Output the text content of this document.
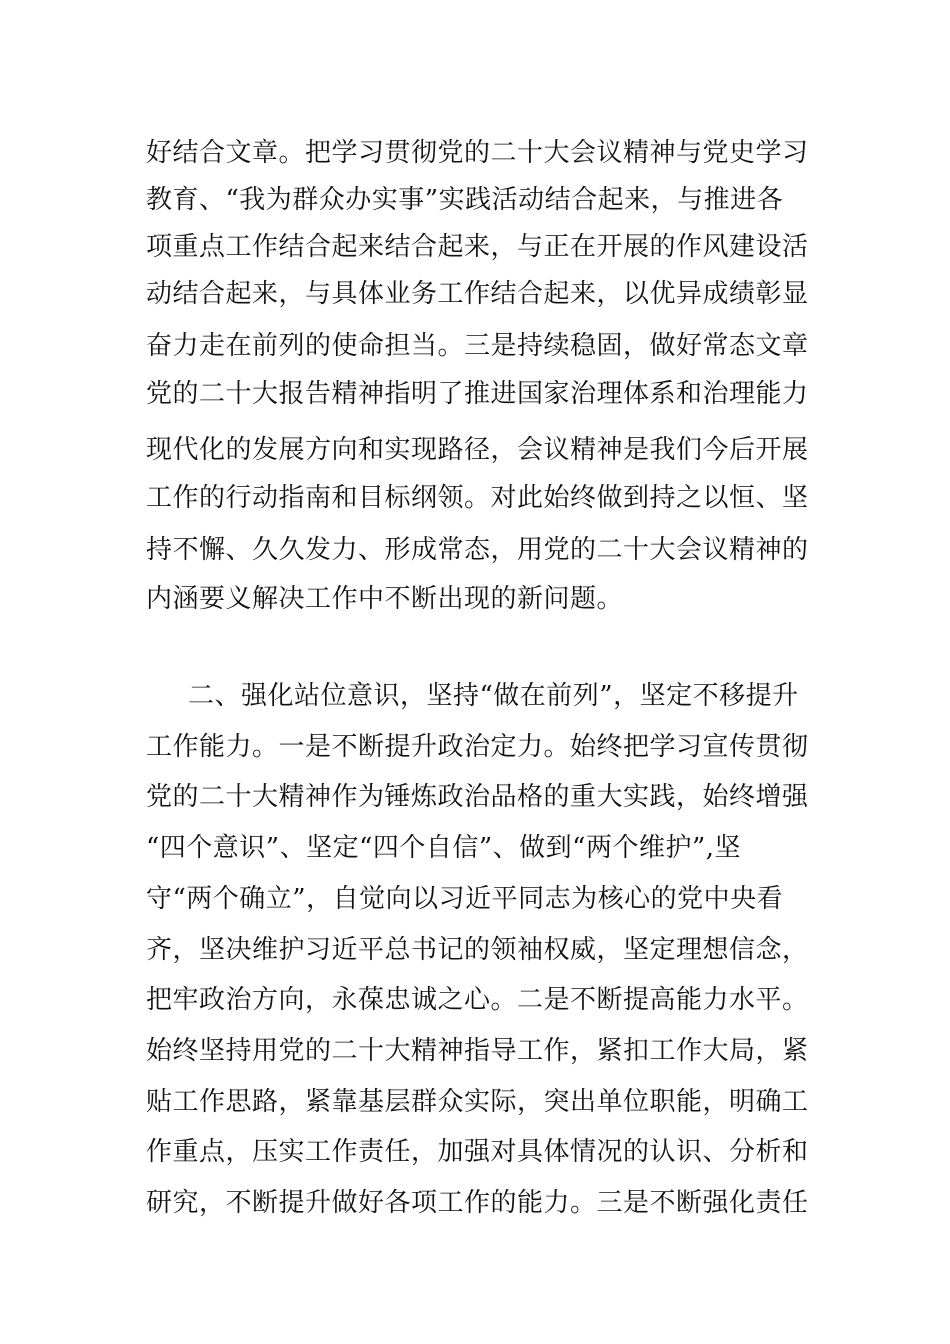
好结合文章。把学习贯彻党的二十大会议精神与党史学习
教育、“我为群众办实事”实践活动结合起来，与推进各
项重点工作结合起来结合起来，与正在开展的作风建设活
动结合起来，与具体业务工作结合起来，以优异成绩彰显
奋力走在前列的使命担当。三是持续稳固，做好常态文章
党的二十大报告精神指明了推进国家治理体系和治理能力
现代化的发展方向和实现路径，会议精神是我们今后开展
工作的行动指南和目标纲领。对此始终做到持之以恒、坚
持不懈、久久发力、形成常态，用党的二十大会议精神的
内涵要义解决工作中不断出现的新问题。
二、强化站位意识，坚持“做在前列”，坚定不移提升
工作能力。一是不断提升政治定力。始终把学习宣传贯彻
党的二十大精神作为锤炼政治品格的重大实践，始终增强
“四个意识”、坚定“四个自信”、做到“两个维护”,坚
守“两个确立”，自觉向以习近平同志为核心的党中央看
齐，坚决维护习近平总书记的领袖权威，坚定理想信念，
把牢政治方向，永葆忠诚之心。二是不断提高能力水平。
始终坚持用党的二十大精神指导工作，紧扣工作大局，紧
贴工作思路，紧靠基层群众实际，突出单位职能，明确工
作重点，压实工作责任，加强对具体情况的认识、分析和
研究，不断提升做好各项工作的能力。三是不断强化责任
